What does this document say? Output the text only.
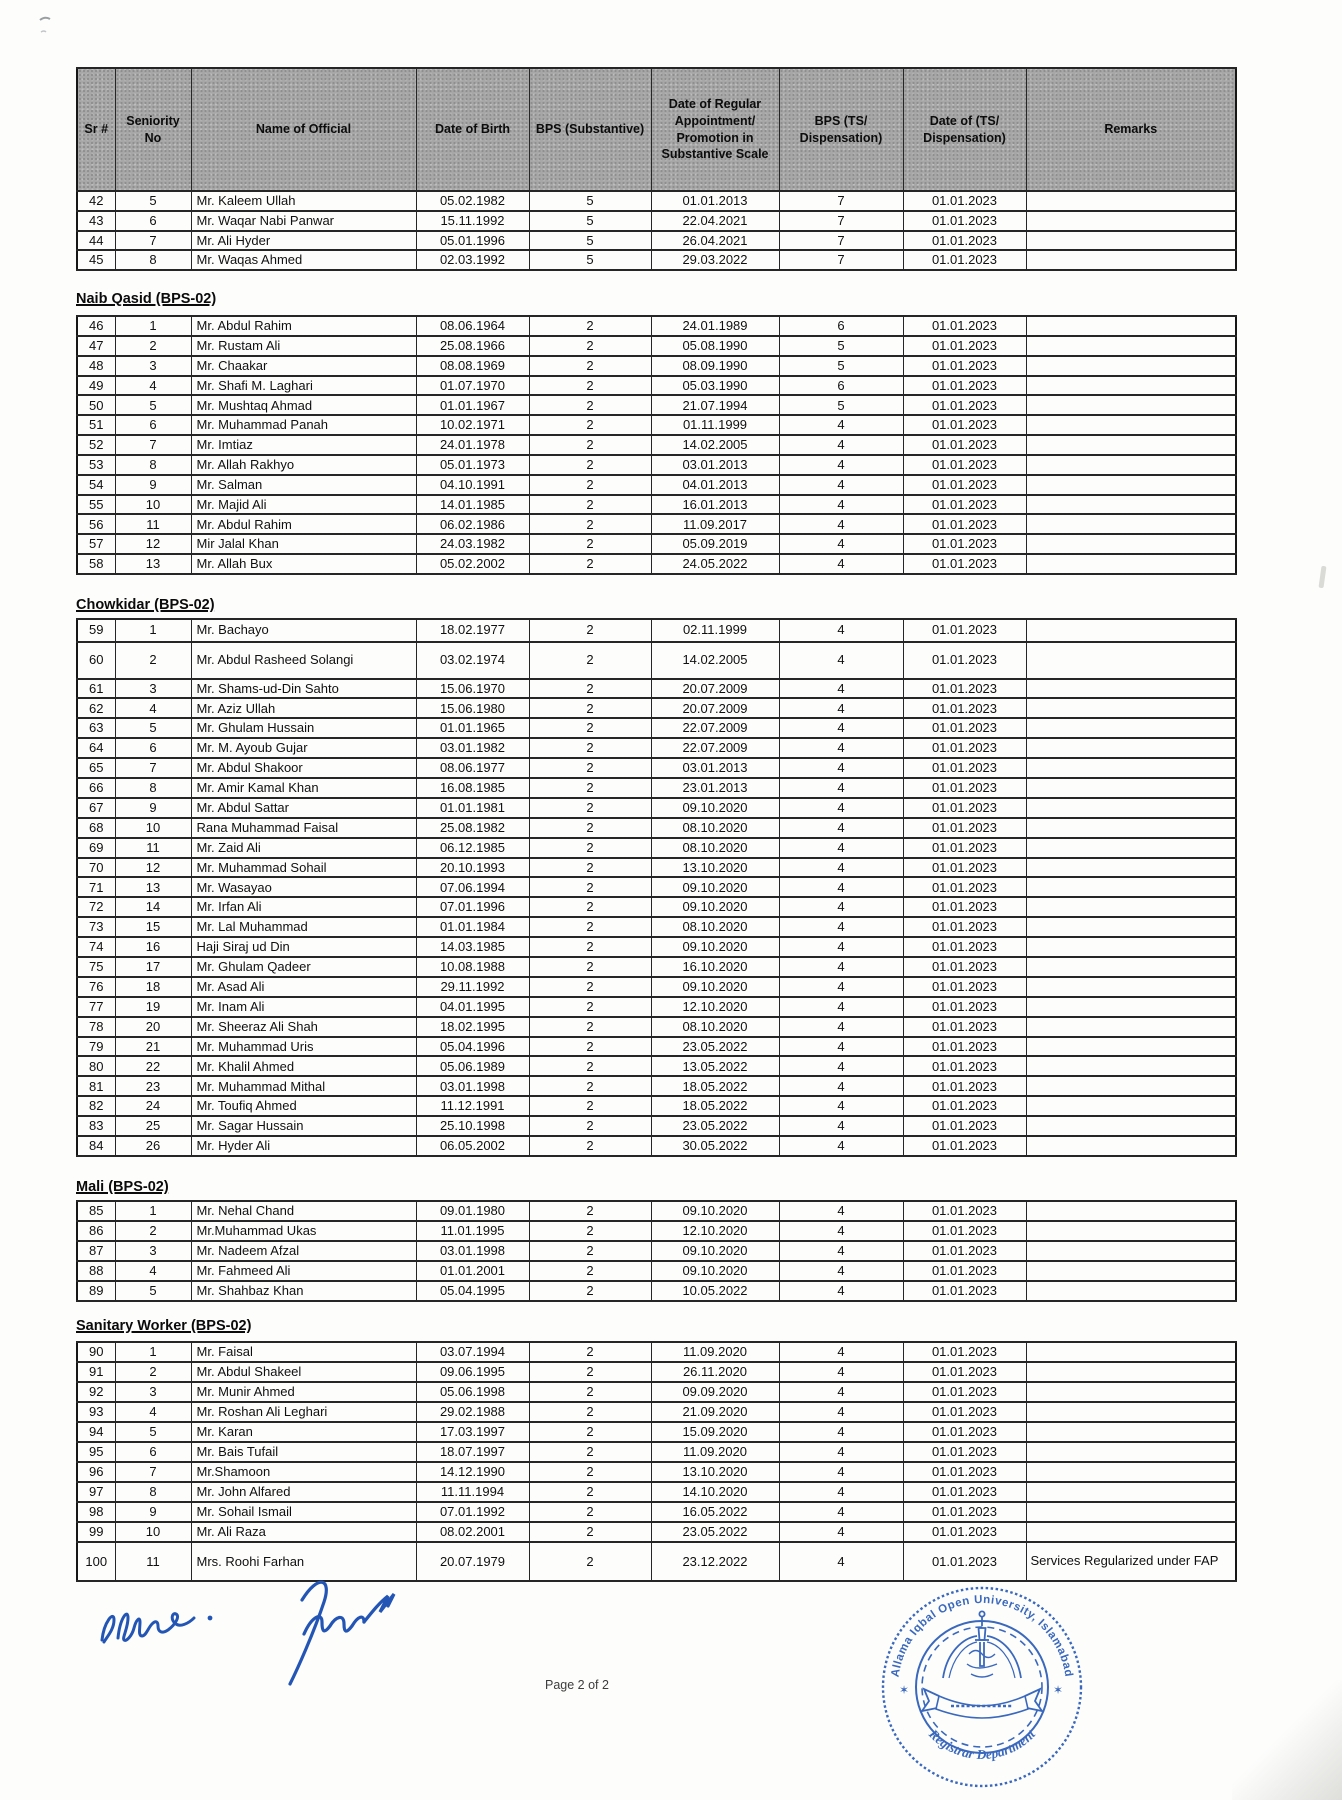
Sr #	Seniority No	Name of Official	Date of Birth	BPS (Substantive)	Date of Regular Appointment/ Promotion in Substantive Scale	BPS (TS/ Dispensation)	Date of (TS/ Dispensation)	Remarks
42	5	Mr. Kaleem Ullah	05.02.1982	5	01.01.2013	7	01.01.2023	
43	6	Mr. Waqar Nabi Panwar	15.11.1992	5	22.04.2021	7	01.01.2023	
44	7	Mr. Ali Hyder	05.01.1996	5	26.04.2021	7	01.01.2023	
45	8	Mr. Waqas Ahmed	02.03.1992	5	29.03.2022	7	01.01.2023	
Naib Qasid (BPS-02)
46	1	Mr. Abdul Rahim	08.06.1964	2	24.01.1989	6	01.01.2023	
47	2	Mr. Rustam Ali	25.08.1966	2	05.08.1990	5	01.01.2023	
48	3	Mr. Chaakar	08.08.1969	2	08.09.1990	5	01.01.2023	
49	4	Mr. Shafi M. Laghari	01.07.1970	2	05.03.1990	6	01.01.2023	
50	5	Mr. Mushtaq Ahmad	01.01.1967	2	21.07.1994	5	01.01.2023	
51	6	Mr. Muhammad Panah	10.02.1971	2	01.11.1999	4	01.01.2023	
52	7	Mr. Imtiaz	24.01.1978	2	14.02.2005	4	01.01.2023	
53	8	Mr. Allah Rakhyo	05.01.1973	2	03.01.2013	4	01.01.2023	
54	9	Mr. Salman	04.10.1991	2	04.01.2013	4	01.01.2023	
55	10	Mr. Majid Ali	14.01.1985	2	16.01.2013	4	01.01.2023	
56	11	Mr. Abdul Rahim	06.02.1986	2	11.09.2017	4	01.01.2023	
57	12	Mir Jalal Khan	24.03.1982	2	05.09.2019	4	01.01.2023	
58	13	Mr. Allah Bux	05.02.2002	2	24.05.2022	4	01.01.2023	
Chowkidar (BPS-02)
59	1	Mr. Bachayo	18.02.1977	2	02.11.1999	4	01.01.2023	
60	2	Mr. Abdul Rasheed Solangi	03.02.1974	2	14.02.2005	4	01.01.2023	
61	3	Mr. Shams-ud-Din Sahto	15.06.1970	2	20.07.2009	4	01.01.2023	
62	4	Mr. Aziz Ullah	15.06.1980	2	20.07.2009	4	01.01.2023	
63	5	Mr. Ghulam Hussain	01.01.1965	2	22.07.2009	4	01.01.2023	
64	6	Mr. M. Ayoub Gujar	03.01.1982	2	22.07.2009	4	01.01.2023	
65	7	Mr. Abdul Shakoor	08.06.1977	2	03.01.2013	4	01.01.2023	
66	8	Mr. Amir Kamal Khan	16.08.1985	2	23.01.2013	4	01.01.2023	
67	9	Mr. Abdul Sattar	01.01.1981	2	09.10.2020	4	01.01.2023	
68	10	Rana Muhammad Faisal	25.08.1982	2	08.10.2020	4	01.01.2023	
69	11	Mr. Zaid Ali	06.12.1985	2	08.10.2020	4	01.01.2023	
70	12	Mr. Muhammad Sohail	20.10.1993	2	13.10.2020	4	01.01.2023	
71	13	Mr. Wasayao	07.06.1994	2	09.10.2020	4	01.01.2023	
72	14	Mr. Irfan Ali	07.01.1996	2	09.10.2020	4	01.01.2023	
73	15	Mr. Lal Muhammad	01.01.1984	2	08.10.2020	4	01.01.2023	
74	16	Haji Siraj ud Din	14.03.1985	2	09.10.2020	4	01.01.2023	
75	17	Mr. Ghulam Qadeer	10.08.1988	2	16.10.2020	4	01.01.2023	
76	18	Mr. Asad Ali	29.11.1992	2	09.10.2020	4	01.01.2023	
77	19	Mr. Inam Ali	04.01.1995	2	12.10.2020	4	01.01.2023	
78	20	Mr. Sheeraz Ali Shah	18.02.1995	2	08.10.2020	4	01.01.2023	
79	21	Mr. Muhammad Uris	05.04.1996	2	23.05.2022	4	01.01.2023	
80	22	Mr. Khalil Ahmed	05.06.1989	2	13.05.2022	4	01.01.2023	
81	23	Mr. Muhammad Mithal	03.01.1998	2	18.05.2022	4	01.01.2023	
82	24	Mr. Toufiq Ahmed	11.12.1991	2	18.05.2022	4	01.01.2023	
83	25	Mr. Sagar Hussain	25.10.1998	2	23.05.2022	4	01.01.2023	
84	26	Mr. Hyder Ali	06.05.2002	2	30.05.2022	4	01.01.2023	
Mali (BPS-02)
85	1	Mr. Nehal Chand	09.01.1980	2	09.10.2020	4	01.01.2023	
86	2	Mr.Muhammad Ukas	11.01.1995	2	12.10.2020	4	01.01.2023	
87	3	Mr. Nadeem Afzal	03.01.1998	2	09.10.2020	4	01.01.2023	
88	4	Mr. Fahmeed Ali	01.01.2001	2	09.10.2020	4	01.01.2023	
89	5	Mr. Shahbaz Khan	05.04.1995	2	10.05.2022	4	01.01.2023	
Sanitary Worker (BPS-02)
90	1	Mr. Faisal	03.07.1994	2	11.09.2020	4	01.01.2023	
91	2	Mr. Abdul Shakeel	09.06.1995	2	26.11.2020	4	01.01.2023	
92	3	Mr. Munir Ahmed	05.06.1998	2	09.09.2020	4	01.01.2023	
93	4	Mr. Roshan Ali Leghari	29.02.1988	2	21.09.2020	4	01.01.2023	
94	5	Mr. Karan	17.03.1997	2	15.09.2020	4	01.01.2023	
95	6	Mr. Bais Tufail	18.07.1997	2	11.09.2020	4	01.01.2023	
96	7	Mr.Shamoon	14.12.1990	2	13.10.2020	4	01.01.2023	
97	8	Mr. John Alfared	11.11.1994	2	14.10.2020	4	01.01.2023	
98	9	Mr. Sohail Ismail	07.01.1992	2	16.05.2022	4	01.01.2023	
99	10	Mr. Ali Raza	08.02.2001	2	23.05.2022	4	01.01.2023	
100	11	Mrs. Roohi Farhan	20.07.1979	2	23.12.2022	4	01.01.2023	Services Regularized under FAP
Page 2 of 2
Allama Iqbal Open University, Islamabad
Registrar Department
✶	✶
